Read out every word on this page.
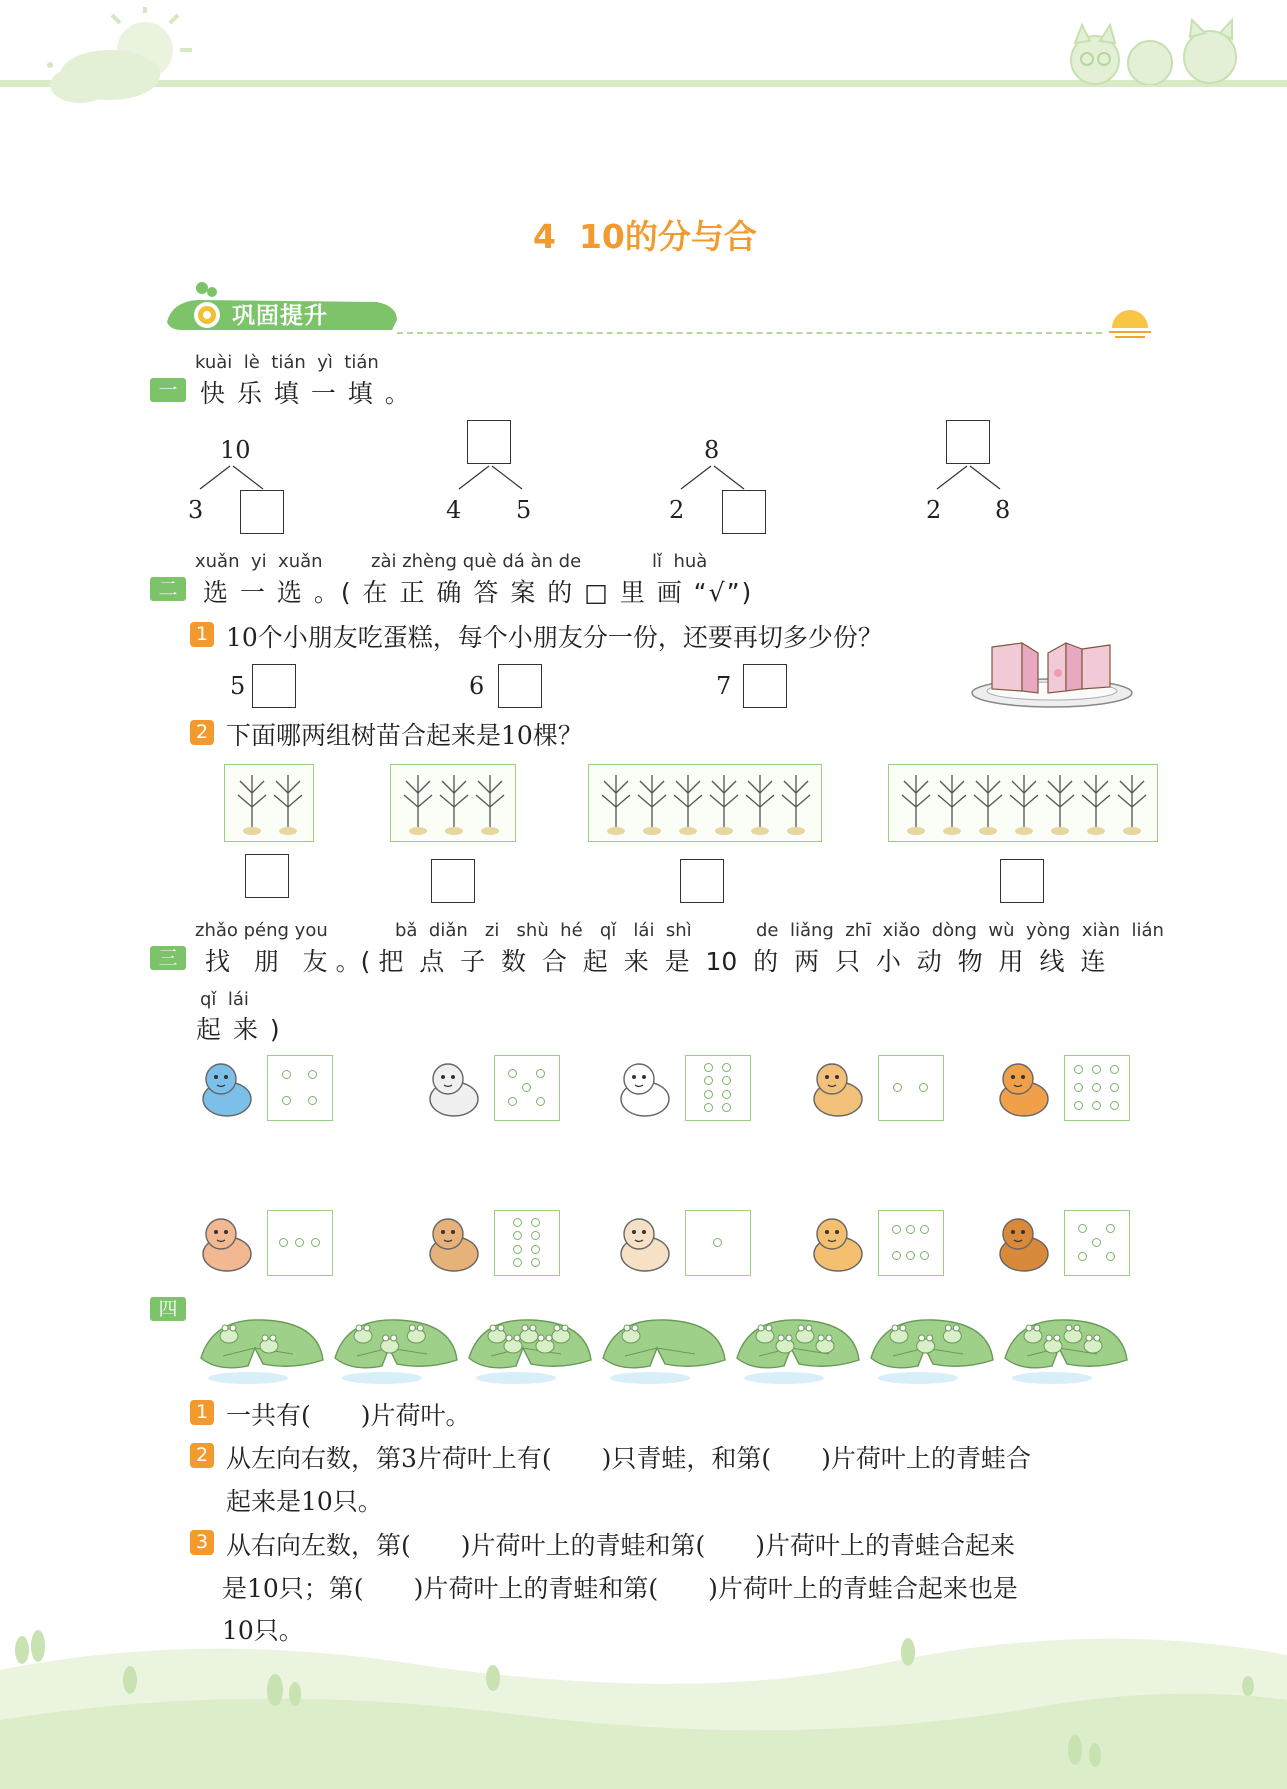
4  10的分与合
巩固提升
kuài  lè  tián  yì  tián
一 快 乐 填 一 填 。
10
3	4 5
8
2	2 8
xuǎn  yi  xuǎn	zài zhèng què dá àn de	lǐ  huà
二	选 一 选 。( 在 正 确 答 案 的 □ 里 画 “√”)
1 10个小朋友吃蛋糕，每个小朋友分一份，还要再切多少份？
5	6	7
2 下面哪两组树苗合起来是10棵？
zhǎo péng you	bǎ  diǎn   zi   shù  hé   qǐ   lái  shì	de  liǎng  zhī  xiǎo  dòng  wù  yòng  xiàn  lián
三	找   朋   友 。( 把  点  子  数  合  起  来  是  10  的  两  只  小  动  物  用  线  连
qǐ  lái
起 来 )
四
1 一共有(　　)片荷叶。
2 从左向右数，第3片荷叶上有(　　)只青蛙，和第(　　)片荷叶上的青蛙合
起来是10只。
3 从右向左数，第(　　)片荷叶上的青蛙和第(　　)片荷叶上的青蛙合起来
是10只；第(　　)片荷叶上的青蛙和第(　　)片荷叶上的青蛙合起来也是
10只。
